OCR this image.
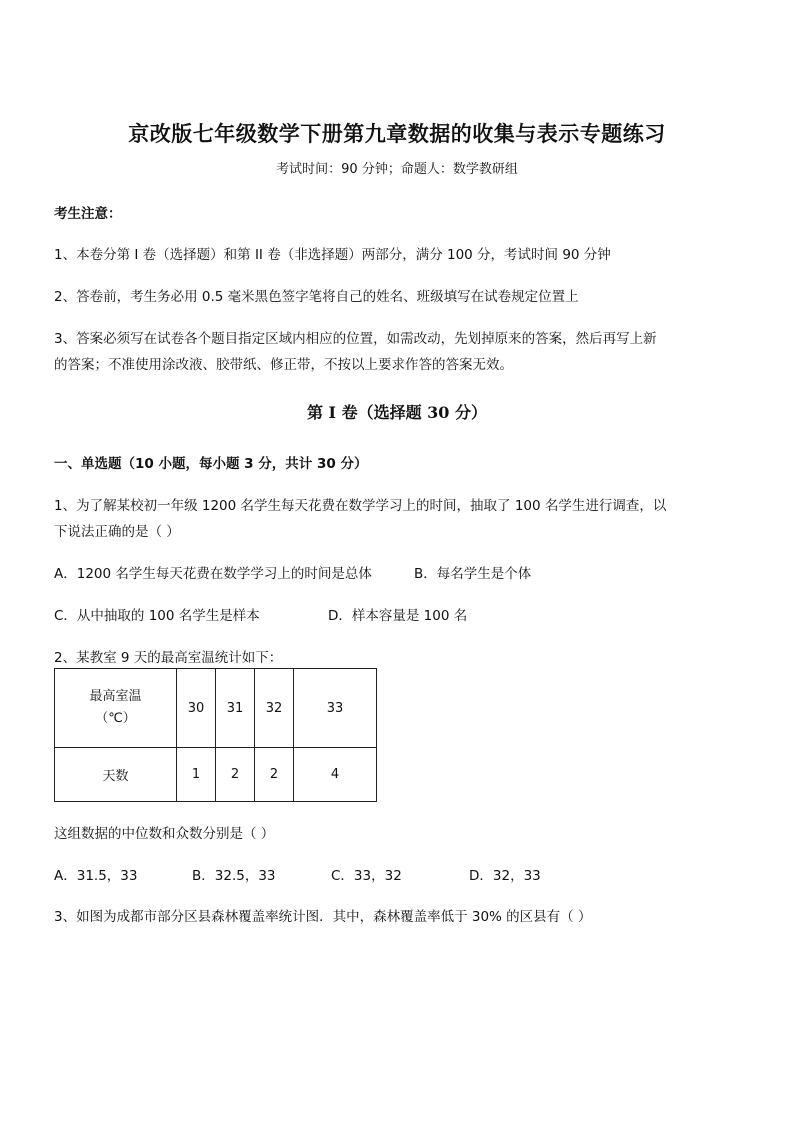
京改版七年级数学下册第九章数据的收集与表示专题练习
考试时间：90 分钟；命题人：数学教研组
考生注意：
1、本卷分第 I 卷（选择题）和第 II 卷（非选择题）两部分，满分 100 分，考试时间 90 分钟
2、答卷前，考生务必用 0.5 毫米黑色签字笔将自己的姓名、班级填写在试卷规定位置上
3、答案必须写在试卷各个题目指定区域内相应的位置，如需改动，先划掉原来的答案，然后再写上新
的答案；不准使用涂改液、胶带纸、修正带，不按以上要求作答的答案无效。
第 I 卷（选择题 30 分）
一、单选题（10 小题，每小题 3 分，共计 30 分）
1、为了解某校初一年级 1200 名学生每天花费在数学学习上的时间，抽取了 100 名学生进行调查，以
下说法正确的是（ ）
A．1200 名学生每天花费在数学学习上的时间是总体	B．每名学生是个体
C．从中抽取的 100 名学生是样本	D．样本容量是 100 名
2、某教室 9 天的最高室温统计如下：
最高室温
（℃）	30	31	32	33
天数	1	2	2	4
这组数据的中位数和众数分别是（ ）
A．31.5，33	B．32.5，33	C．33，32	D．32，33
3、如图为成都市部分区县森林覆盖率统计图．其中，森林覆盖率低于 30% 的区县有（ ）
